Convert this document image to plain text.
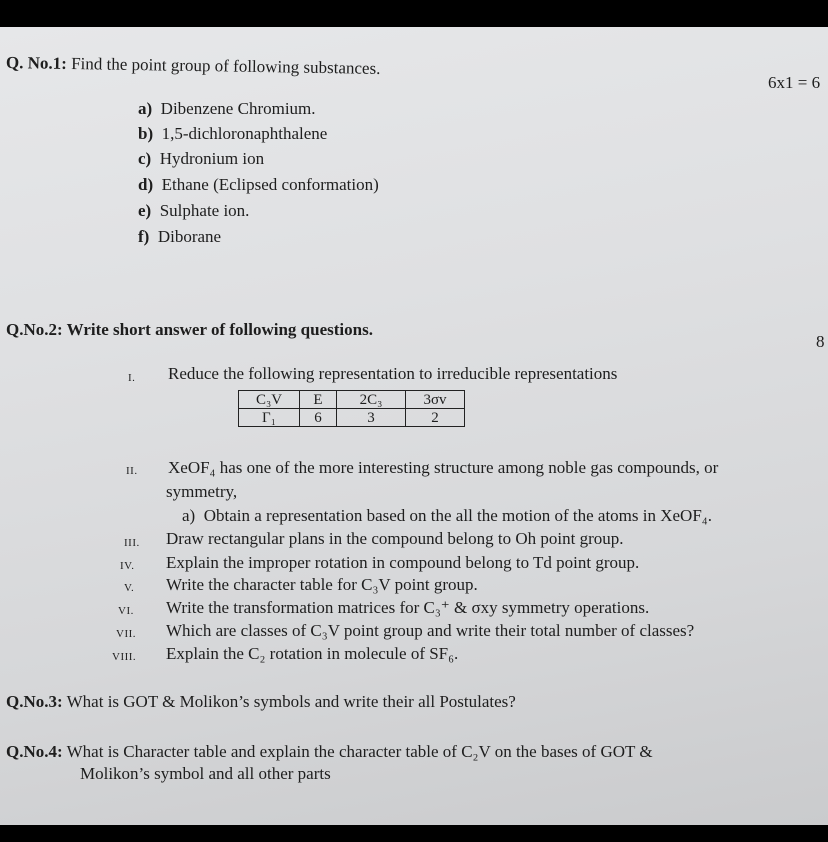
Q. No.1: Find the point group of following substances.
6x1 = 6
a) Dibenzene Chromium.
b) 1,5-dichloronaphthalene
c) Hydronium ion
d) Ethane (Eclipsed conformation)
e) Sulphate ion.
f) Diborane
Q.No.2: Write short answer of following questions.
8
I. Reduce the following representation to irreducible representations
C₃V	E	2C₃	3σv
Γ₁	6	3	2
II. XeOF₄ has one of the more interesting structure among noble gas compounds, or
symmetry,
a) Obtain a representation based on the all the motion of the atoms in XeOF₄.
III. Draw rectangular plans in the compound belong to Oh point group.
IV. Explain the improper rotation in compound belong to Td point group.
V. Write the character table for C₃V point group.
VI. Write the transformation matrices for C₃⁺ & σxy symmetry operations.
VII. Which are classes of C₃V point group and write their total number of classes?
VIII. Explain the C₂ rotation in molecule of SF₆.
Q.No.3: What is GOT & Molikon’s symbols and write their all Postulates?
Q.No.4: What is Character table and explain the character table of C₂V on the bases of GOT &
Molikon’s symbol and all other parts
